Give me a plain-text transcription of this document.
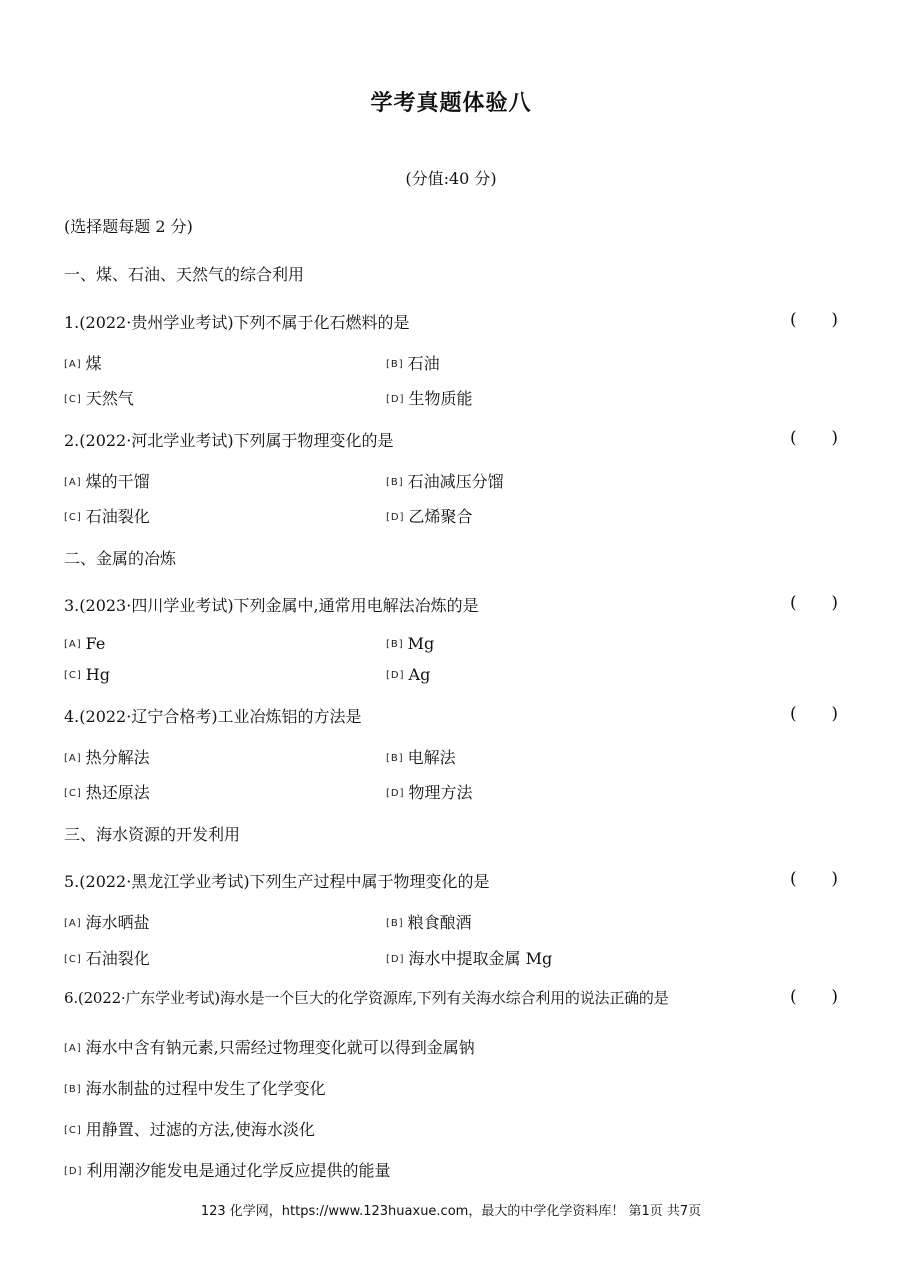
学考真题体验八
(分值:40 分)
(选择题每题 2 分)
一、煤、石油、天然气的综合利用
1.(2022·贵州学业考试)下列不属于化石燃料的是	( )
[A] 煤	[B] 石油
[C] 天然气	[D] 生物质能
2.(2022·河北学业考试)下列属于物理变化的是	( )
[A] 煤的干馏	[B] 石油减压分馏
[C] 石油裂化	[D] 乙烯聚合
二、金属的冶炼
3.(2023·四川学业考试)下列金属中,通常用电解法冶炼的是	( )
[A] Fe	[B] Mg
[C] Hg	[D] Ag
4.(2022·辽宁合格考)工业冶炼铝的方法是	( )
[A] 热分解法	[B] 电解法
[C] 热还原法	[D] 物理方法
三、海水资源的开发利用
5.(2022·黑龙江学业考试)下列生产过程中属于物理变化的是	( )
[A] 海水晒盐	[B] 粮食酿酒
[C] 石油裂化	[D] 海水中提取金属 Mg
6.(2022·广东学业考试)海水是一个巨大的化学资源库,下列有关海水综合利用的说法正确的是	( )
[A] 海水中含有钠元素,只需经过物理变化就可以得到金属钠
[B] 海水制盐的过程中发生了化学变化
[C] 用静置、过滤的方法,使海水淡化
[D] 利用潮汐能发电是通过化学反应提供的能量
123 化学网，https://www.123huaxue.com，最大的中学化学资料库！ 第1页 共7页
